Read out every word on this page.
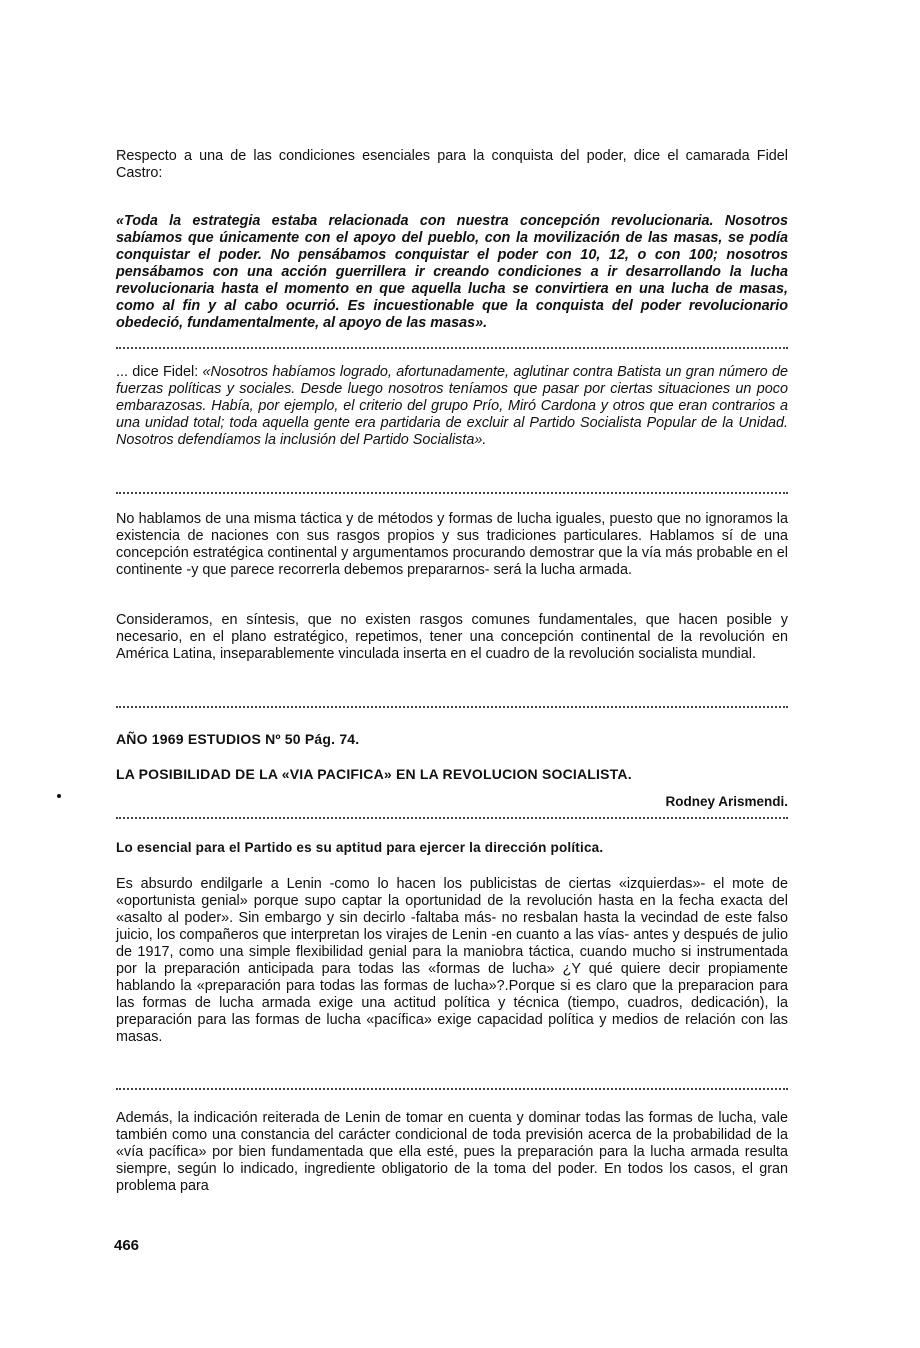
Respecto a una de las condiciones esenciales para la conquista del poder, dice el camarada Fidel Castro:

«Toda la estrategia estaba relacionada con nuestra concepción revolucionaria. Nosotros sabíamos que únicamente con el apoyo del pueblo, con la movilización de las masas, se podía conquistar el poder. No pensábamos conquistar el poder con 10, 12, o con 100; nosotros pensábamos con una acción guerrillera ir creando condiciones a ir desarrollando la lucha revolucionaria hasta el momento en que aquella lucha se convirtiera en una lucha de masas, como al fin y al cabo ocurrió. Es incuestionable que la conquista del poder revolucionario obedeció, fundamentalmente, al apoyo de las masas».

... dice Fidel: «Nosotros habíamos logrado, afortunadamente, aglutinar contra Batista un gran número de fuerzas políticas y sociales. Desde luego nosotros teníamos que pasar por ciertas situaciones un poco embarazosas. Había, por ejemplo, el criterio del grupo Prío, Miró Cardona y otros que eran contrarios a una unidad total; toda aquella gente era partidaria de excluir al Partido Socialista Popular de la Unidad. Nosotros defendíamos la inclusión del Partido Socialista».

No hablamos de una misma táctica y de métodos y formas de lucha iguales, puesto que no ignoramos la existencia de naciones con sus rasgos propios y sus tradiciones particulares. Hablamos sí de una concepción estratégica continental y argumentamos procurando demostrar que la vía más probable en el continente -y que parece recorrerla debemos prepararnos- será la lucha armada.

Consideramos, en síntesis, que no existen rasgos comunes fundamentales, que hacen posible y necesario, en el plano estratégico, repetimos, tener una concepción continental de la revolución en América Latina, inseparablemente vinculada inserta en el cuadro de la revolución socialista mundial.

AÑO 1969 ESTUDIOS Nº 50 Pág. 74.

LA POSIBILIDAD DE LA «VIA PACIFICA» EN LA REVOLUCION SOCIALISTA.

Rodney Arismendi.

Lo esencial para el Partido es su aptitud para ejercer la dirección política.

Es absurdo endilgarle a Lenin -como lo hacen los publicistas de ciertas «izquierdas»- el mote de «oportunista genial» porque supo captar la oportunidad de la revolución hasta en la fecha exacta del «asalto al poder». Sin embargo y sin decirlo -faltaba más- no resbalan hasta la vecindad de este falso juicio, los compañeros que interpretan los virajes de Lenin -en cuanto a las vías- antes y después de julio de 1917, como una simple flexibilidad genial para la maniobra táctica, cuando mucho si instrumentada por la preparación anticipada para todas las «formas de lucha» ¿Y qué quiere decir propiamente hablando la «preparación para todas las formas de lucha»?.Porque si es claro que la preparacion para las formas de lucha armada exige una actitud política y técnica (tiempo, cuadros, dedicación), la preparación para las formas de lucha «pacífica» exige capacidad política y medios de relación con las masas.

Además, la indicación reiterada de Lenin de tomar en cuenta y dominar todas las formas de lucha, vale también como una constancia del carácter condicional de toda previsión acerca de la probabilidad de la «vía pacífica» por bien fundamentada que ella esté, pues la preparación para la lucha armada resulta siempre, según lo indicado, ingrediente obligatorio de la toma del poder. En todos los casos, el gran problema para

466
